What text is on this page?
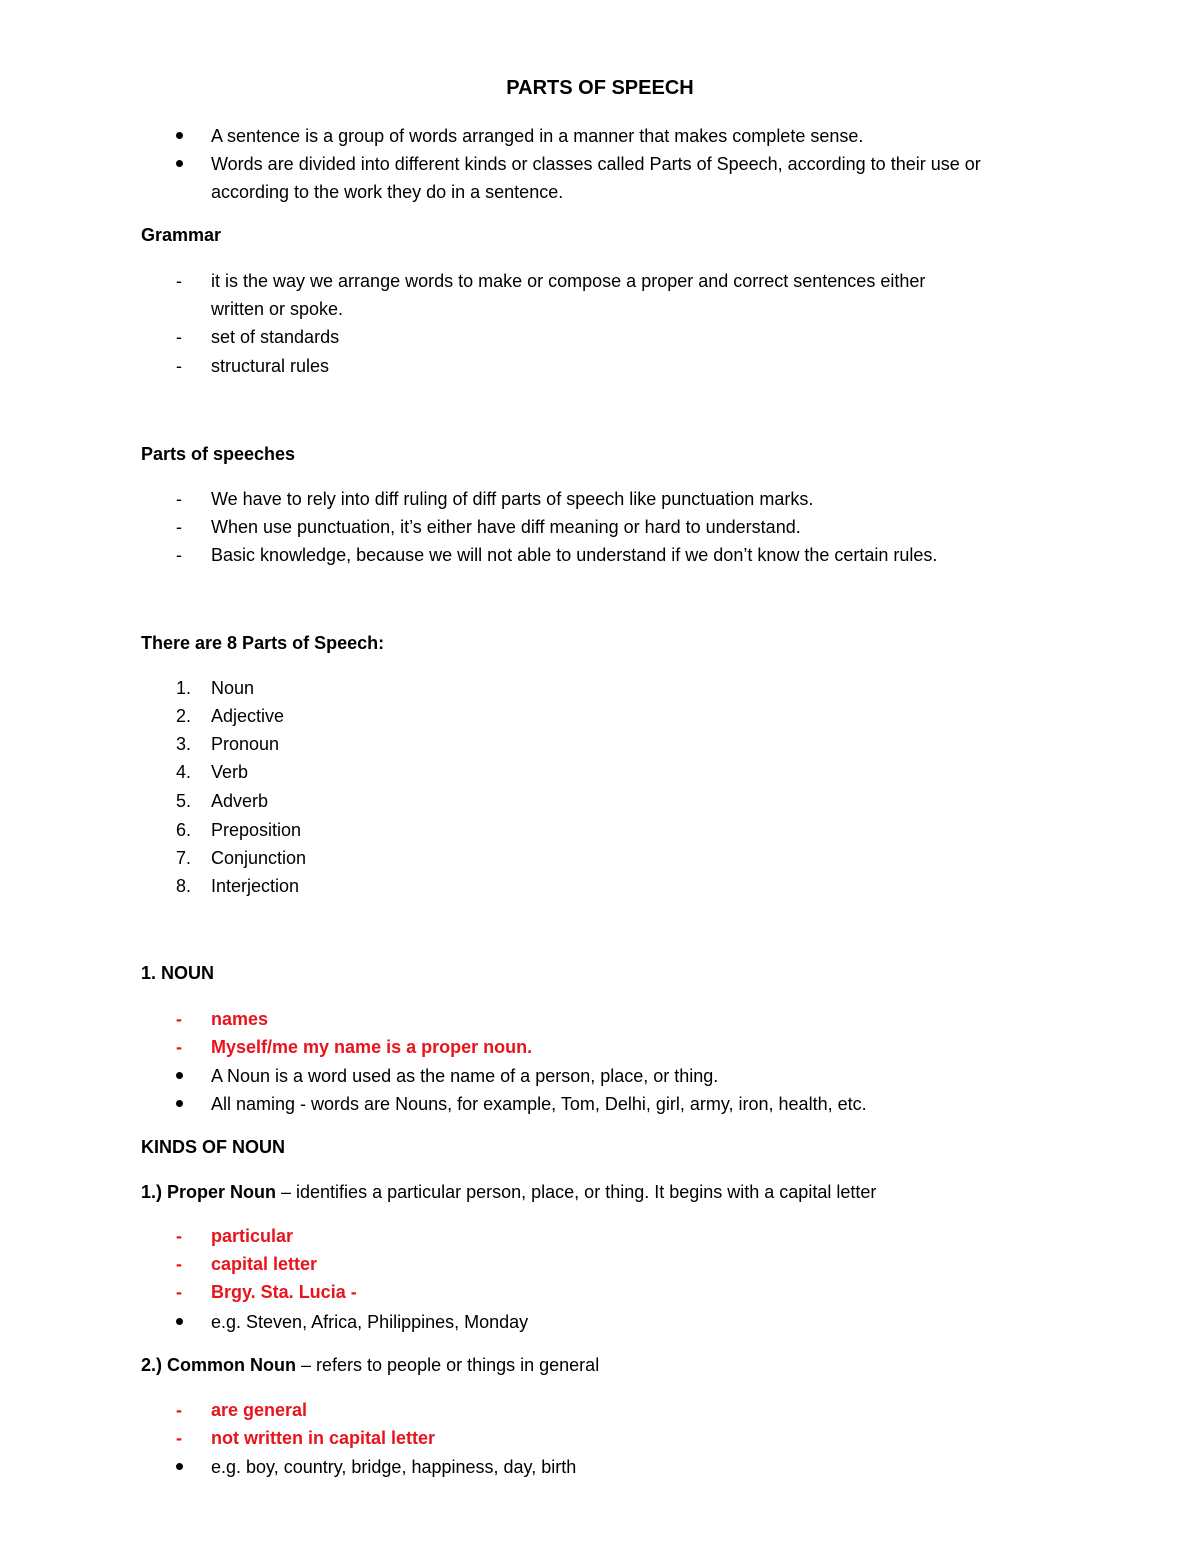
PARTS OF SPEECH
A sentence is a group of words arranged in a manner that makes complete sense.
Words are divided into different kinds or classes called Parts of Speech, according to their use or
according to the work they do in a sentence.
Grammar
- it is the way we arrange words to make or compose a proper and correct sentences either
written or spoke.
- set of standards
- structural rules
Parts of speeches
- We have to rely into diff ruling of diff parts of speech like punctuation marks.
- When use punctuation, it’s either have diff meaning or hard to understand.
- Basic knowledge, because we will not able to understand if we don’t know the certain rules.
There are 8 Parts of Speech:
1. Noun
2. Adjective
3. Pronoun
4. Verb
5. Adverb
6. Preposition
7. Conjunction
8. Interjection
1. NOUN
- names
- Myself/me my name is a proper noun.
A Noun is a word used as the name of a person, place, or thing.
All naming - words are Nouns, for example, Tom, Delhi, girl, army, iron, health, etc.
KINDS OF NOUN
1.) Proper Noun – identifies a particular person, place, or thing. It begins with a capital letter
- particular
- capital letter
- Brgy. Sta. Lucia -
e.g. Steven, Africa, Philippines, Monday
2.) Common Noun – refers to people or things in general
- are general
- not written in capital letter
e.g. boy, country, bridge, happiness, day, birth
